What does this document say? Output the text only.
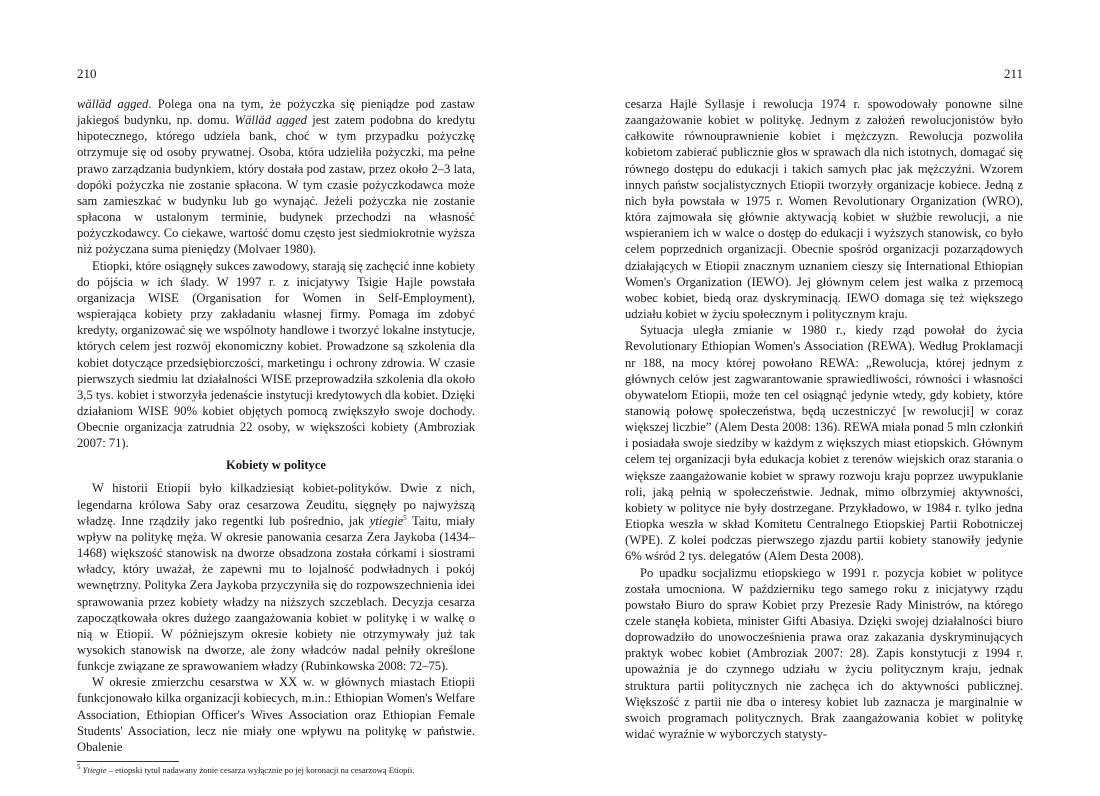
210

wälläd agged. Polega ona na tym, że pożyczka się pieniądze pod zastaw jakiegoś budynku, np. domu. Wälläd agged jest zatem podobna do kredytu hipotecznego, którego udziela bank, choć w tym przypadku pożyczkę otrzymuje się od osoby prywatnej. Osoba, która udzieliła pożyczki, ma pełne prawo zarządzania budynkiem, który dostała pod zastaw, przez około 2–3 lata, dopóki pożyczka nie zostanie spłacona. W tym czasie pożyczkodawca może sam zamieszkać w budynku lub go wynająć. Jeżeli pożyczka nie zostanie spłacona w ustalonym terminie, budynek przechodzi na własność pożyczkodawcy. Co ciekawe, wartość domu często jest siedmiokrotnie wyższa niż pożyczana suma pieniędzy (Molvaer 1980).

Etiopki, które osiągnęły sukces zawodowy, starają się zachęcić inne kobiety do pójścia w ich ślady. W 1997 r. z inicjatywy Tsigie Hajle powstała organizacja WISE (Organisation for Women in Self-Employment), wspierająca kobiety przy zakładaniu własnej firmy. Pomaga im zdobyć kredyty, organizować się we wspólnoty handlowe i tworzyć lokalne instytucje, których celem jest rozwój ekonomiczny kobiet. Prowadzone są szkolenia dla kobiet dotyczące przedsiębiorczości, marketingu i ochrony zdrowia. W czasie pierwszych siedmiu lat działalności WISE przeprowadziła szkolenia dla około 3,5 tys. kobiet i stworzyła jedenaście instytucji kredytowych dla kobiet. Dzięki działaniom WISE 90% kobiet objętych pomocą zwiększyło swoje dochody. Obecnie organizacja zatrudnia 22 osoby, w większości kobiety (Ambroziak 2007: 71).

Kobiety w polityce

W historii Etiopii było kilkadziesiąt kobiet-polityków. Dwie z nich, legendarna królowa Saby oraz cesarzowa Zeuditu, sięgnęły po najwyższą władzę. Inne rządziły jako regentki lub pośrednio, jak ytiegie$^5$ Taitu, miały wpływ na politykę męża. W okresie panowania cesarza Zera Jaykoba (1434–1468) większość stanowisk na dworze obsadzona została córkami i siostrami władcy, który uważał, że zapewni mu to lojalność podwładnych i pokój wewnętrzny. Polityka Zera Jaykoba przyczyniła się do rozpowszechnienia idei sprawowania przez kobiety władzy na niższych szczeblach. Decyzja cesarza zapoczątkowała okres dużego zaangażowania kobiet w politykę i w walkę o nią w Etiopii. W późniejszym okresie kobiety nie otrzymywały już tak wysokich stanowisk na dworze, ale żony władców nadal pełniły określone funkcje związane ze sprawowaniem władzy (Rubinkowska 2008: 72–75).

W okresie zmierzchu cesarstwa w XX w. w głównych miastach Etiopii funkcjonowało kilka organizacji kobiecych, m.in.: Ethiopian Women's Welfare Association, Ethiopian Officer's Wives Association oraz Ethiopian Female Students' Association, lecz nie miały one wpływu na politykę w państwie. Obalenie

$^5$ Ytiegie – etiopski tytuł nadawany żonie cesarza wyłącznie po jej koronacji na cesarzową Etiopii.
211

cesarza Hajle Syllasje i rewolucja 1974 r. spowodowały ponowne silne zaangażowanie kobiet w politykę. Jednym z założeń rewolucjonistów było całkowite równouprawnienie kobiet i mężczyzn. Rewolucja pozwoliła kobietom zabierać publicznie głos w sprawach dla nich istotnych, domagać się równego dostępu do edukacji i takich samych płac jak mężczyźni. Wzorem innych państw socjalistycznych Etiopii tworzyły organizacje kobiece. Jedną z nich była powstała w 1975 r. Women Revolutionary Organization (WRO), która zajmowała się głównie aktywacją kobiet w służbie rewolucji, a nie wspieraniem ich w walce o dostęp do edukacji i wyższych stanowisk, co było celem poprzednich organizacji. Obecnie spośród organizacji pozarządowych działających w Etiopii znacznym uznaniem cieszy się International Ethiopian Women's Organization (IEWO). Jej głównym celem jest walka z przemocą wobec kobiet, biedą oraz dyskryminacją. IEWO domaga się też większego udziału kobiet w życiu społecznym i politycznym kraju.

Sytuacja uległa zmianie w 1980 r., kiedy rząd powołał do życia Revolutionary Ethiopian Women's Association (REWA). Według Proklamacji nr 188, na mocy której powołano REWA: „Rewolucja, której jednym z głównych celów jest zagwarantowanie sprawiedliwości, równości i własności obywatelom Etiopii, może ten cel osiągnąć jedynie wtedy, gdy kobiety, które stanowią połowę społeczeństwa, będą uczestniczyć [w rewolucji] w coraz większej liczbie” (Alem Desta 2008: 136). REWA miała ponad 5 mln członkiń i posiadała swoje siedziby w każdym z większych miast etiopskich. Głównym celem tej organizacji była edukacja kobiet z terenów wiejskich oraz starania o większe zaangażowanie kobiet w sprawy rozwoju kraju poprzez uwypuklanie roli, jaką pełnią w społeczeństwie. Jednak, mimo olbrzymiej aktywności, kobiety w polityce nie były dostrzegane. Przykładowo, w 1984 r. tylko jedna Etiopka weszła w skład Komitetu Centralnego Etiopskiej Partii Robotniczej (WPE). Z kolei podczas pierwszego zjazdu partii kobiety stanowiły jedynie 6% wśród 2 tys. delegatów (Alem Desta 2008).

Po upadku socjalizmu etiopskiego w 1991 r. pozycja kobiet w polityce została umocniona. W październiku tego samego roku z inicjatywy rządu powstało Biuro do spraw Kobiet przy Prezesie Rady Ministrów, na którego czele stanęła kobieta, minister Gifti Abasiya. Dzięki swojej działalności biuro doprowadziło do unowocześnienia prawa oraz zakazania dyskryminujących praktyk wobec kobiet (Ambroziak 2007: 28). Zapis konstytucji z 1994 r. upoważnia je do czynnego udziału w życiu politycznym kraju, jednak struktura partii politycznych nie zachęca ich do aktywności publicznej. Większość z partii nie dba o interesy kobiet lub zaznacza je marginalnie w swoich programach politycznych. Brak zaangażowania kobiet w politykę widać wyraźnie w wyborczych statysty-
